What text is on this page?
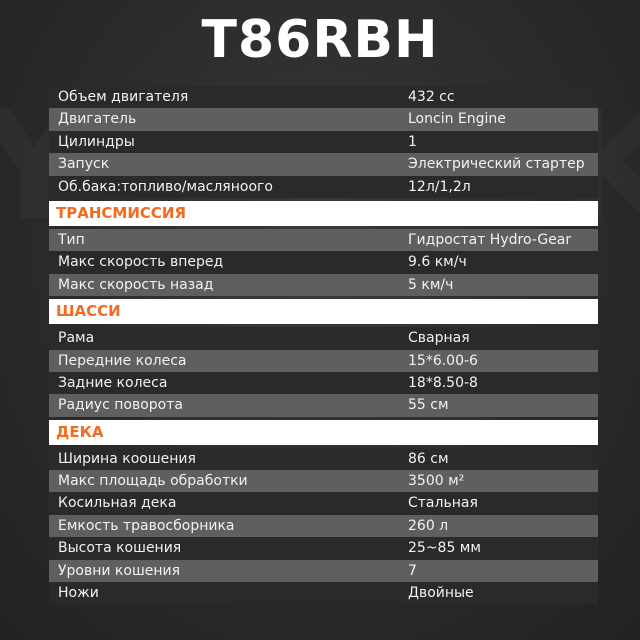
T86RBH
Объем двигателя	432 сс
Двигатель	Loncin Engine
Цилиндры	1
Запуск	Электрический стартер
Об.бака:топливо/масляноого	12л/1,2л
ТРАНСМИССИЯ
Тип	Гидростат Hydro-Gear
Макс скорость вперед	9.6 км/ч
Макс скорость назад	5 км/ч
ШАССИ
Рама	Сварная
Передние колеса	15*6.00-6
Задние колеса	18*8.50-8
Радиус поворота	55 см
ДЕКА
Ширина коошения	86 см
Макс площадь обработки	3500 м²
Косильная дека	Стальная
Емкость травосборника	260 л
Высота кошения	25~85 мм
Уровни кошения	7
Ножи	Двойные
